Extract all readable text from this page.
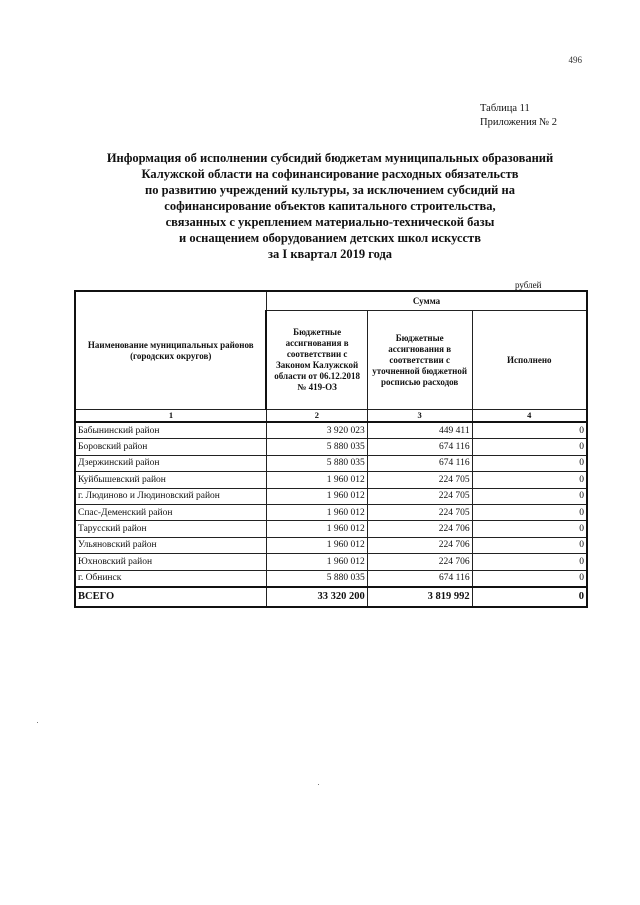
496
Таблица 11
Приложения № 2
Информация об исполнении субсидий бюджетам муниципальных образований
Калужской области на софинансирование расходных обязательств
по развитию учреждений культуры, за исключением субсидий на
софинансирование объектов капитального строительства,
связанных с укреплением материально-технической базы
и оснащением оборудованием детских школ искусств
за I квартал 2019 года
рублей
Наименование муниципальных районов (городских округов)	Сумма		
	Бюджетные ассигнования в соответствии с Законом Калужской области от 06.12.2018 № 419-ОЗ	Бюджетные ассигнования в соответствии с уточненной бюджетной росписью расходов	Исполнено
1	2	3	4
Бабынинский район	3 920 023	449 411	0
Боровский район	5 880 035	674 116	0
Дзержинский район	5 880 035	674 116	0
Куйбышевский район	1 960 012	224 705	0
г. Людиново и Людиновский район	1 960 012	224 705	0
Спас-Деменский район	1 960 012	224 705	0
Тарусский район	1 960 012	224 706	0
Ульяновский район	1 960 012	224 706	0
Юхновский район	1 960 012	224 706	0
г. Обнинск	5 880 035	674 116	0
ВСЕГО	33 320 200	3 819 992	0
